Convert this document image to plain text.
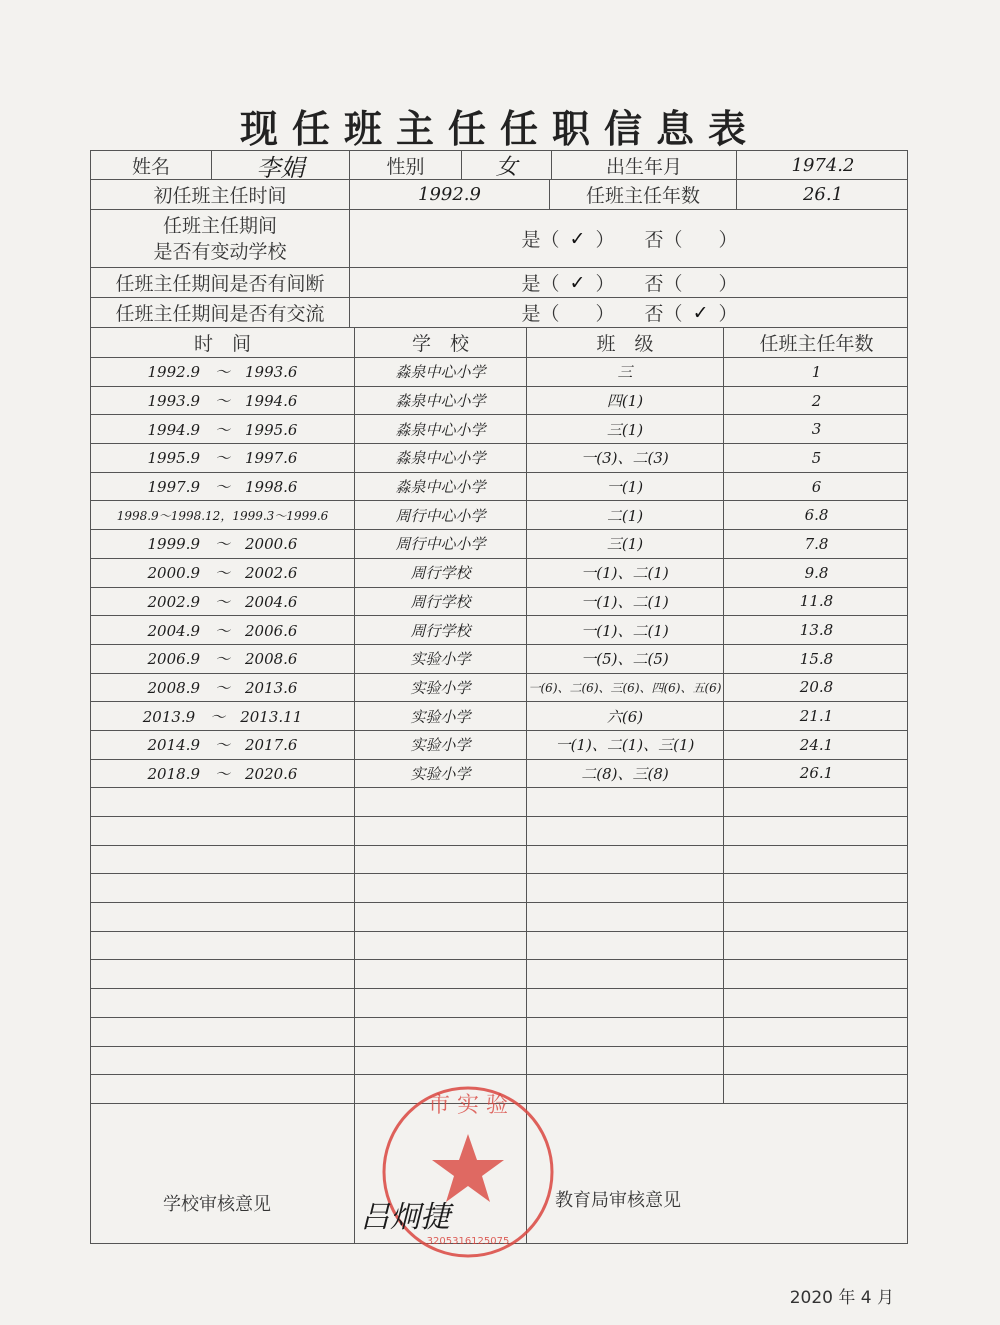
现任班主任任职信息表
姓名	李娟	性别	女	出生年月	1974.2
初任班主任时间	1992.9	任班主任年数	26.1
任班主任期间
是否有变动学校
是 （ ✓ ） 否 （ ）
任班主任期间是否有间断	是 （ ✓ ） 否 （ ）
任班主任期间是否有交流	是 （ ） 否 （ ✓ ）
时　间	学　校	班　级	任班主任年数
1992.9　～　1993.6	淼泉中心小学	三	1
1993.9　～　1994.6	淼泉中心小学	四(1)	2
1994.9　～　1995.6	淼泉中心小学	三(1)	3
1995.9　～　1997.6	淼泉中心小学	一(3)、二(3)	5
1997.9　～　1998.6	淼泉中心小学	一(1)	6
1998.9～1998.12，1999.3～1999.6	周行中心小学	二(1)	6.8
1999.9　～　2000.6	周行中心小学	三(1)	7.8
2000.9　～　2002.6	周行学校	一(1)、二(1)	9.8
2002.9　～　2004.6	周行学校	一(1)、二(1)	11.8
2004.9　～　2006.6	周行学校	一(1)、二(1)	13.8
2006.9　～　2008.6	实验小学	一(5)、二(5)	15.8
2008.9　～　2013.6	实验小学	一(6)、二(6)、三(6)、四(6)、五(6)	20.8
2013.9　～　2013.11	实验小学	六(6)	21.1
2014.9　～　2017.6	实验小学	一(1)、二(1)、三(1)	24.1
2018.9　～　2020.6	实验小学	二(8)、三(8)	26.1
学校审核意见	教育局审核意见
市 实 验
3205316125075
吕炯捷
2020 年 4 月
